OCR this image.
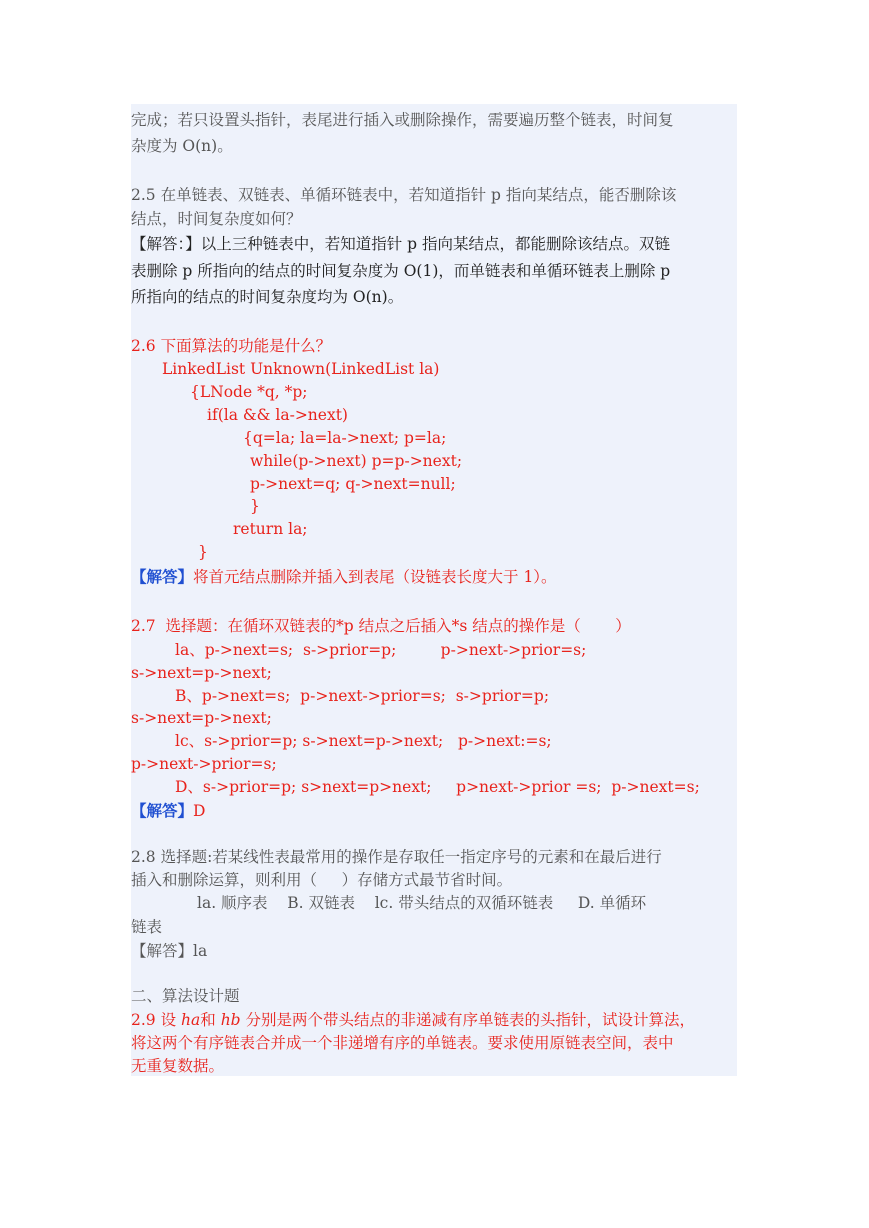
完成；若只设置头指针，表尾进行插入或删除操作，需要遍历整个链表，时间复
杂度为 O(n)。
2.5 在单链表、双链表、单循环链表中，若知道指针 p 指向某结点，能否删除该
结点，时间复杂度如何？
【解答：】以上三种链表中，若知道指针 p 指向某结点，都能删除该结点。双链
表删除 p 所指向的结点的时间复杂度为 O(1)，而单链表和单循环链表上删除 p
所指向的结点的时间复杂度均为 O(n)。
2.6 下面算法的功能是什么？
LinkedList Unknown(LinkedList la)
{LNode *q, *p;
if(la && la->next)
{q=la; la=la->next; p=la;
while(p->next) p=p->next;
p->next=q; q->next=null;
}
return la;
}
【解答】将首元结点删除并插入到表尾（设链表长度大于 1）。
2.7  选择题：在循环双链表的*p 结点之后插入*s 结点的操作是（       ）
la、p->next=s;  s->prior=p;         p->next->prior=s;
s->next=p->next;
B、p->next=s;  p->next->prior=s;  s->prior=p;
s->next=p->next;
lc、s->prior=p; s->next=p->next;   p->next:=s;
p->next->prior=s;
D、s->prior=p; s>next=p>next;     p>next->prior =s;  p->next=s;
【解答】D
2.8 选择题:若某线性表最常用的操作是存取任一指定序号的元素和在最后进行
插入和删除运算，则利用（     ）存储方式最节省时间。
la. 顺序表    B. 双链表    lc. 带头结点的双循环链表     D. 单循环
链表
【解答】la
二、算法设计题
2.9 设 ha和 hb 分别是两个带头结点的非递减有序单链表的头指针，试设计算法，
将这两个有序链表合并成一个非递增有序的单链表。要求使用原链表空间，表中
无重复数据。
